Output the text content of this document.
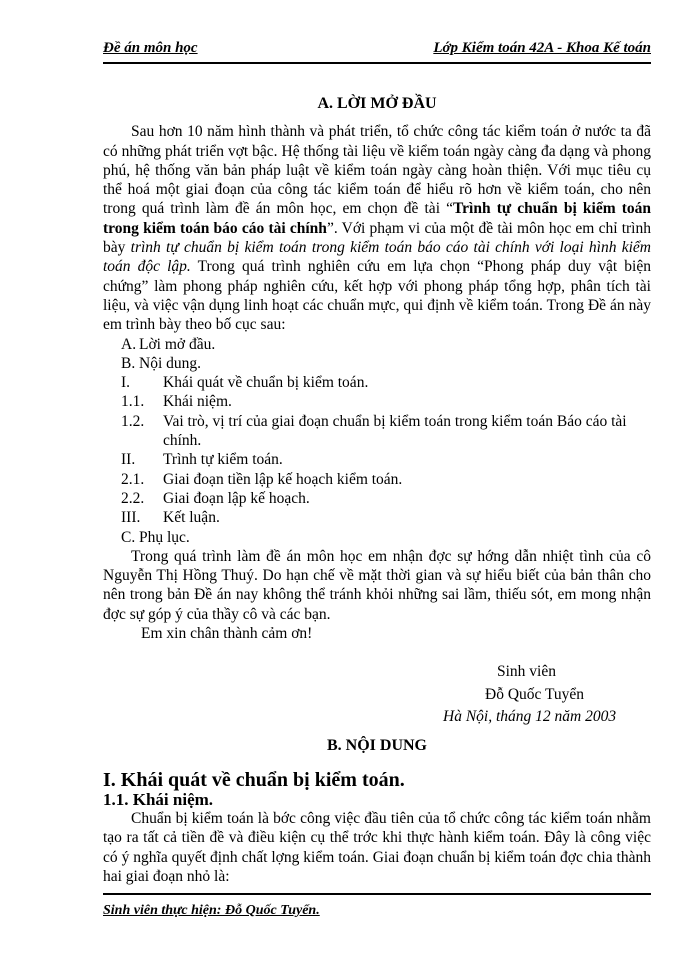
Đề án môn học	Lớp Kiểm toán 42A - Khoa Kế toán

A. LỜI MỞ ĐẦU

Sau hơn 10 năm hình thành và phát triển, tổ chức công tác kiểm toán ở nước ta đã có những phát triển vợt bậc. Hệ thống tài liệu về kiểm toán ngày càng đa dạng và phong phú, hệ thống văn bản pháp luật về kiểm toán ngày càng hoàn thiện. Với mục tiêu cụ thể hoá một giai đoạn của công tác kiểm toán để hiểu rõ hơn về kiểm toán, cho nên trong quá trình làm đề án môn học, em chọn đề tài “Trình tự chuẩn bị kiểm toán trong kiểm toán báo cáo tài chính”. Với phạm vi của một đề tài môn học em chỉ trình bày trình tự chuẩn bị kiểm toán trong kiểm toán báo cáo tài chính với loại hình kiểm toán độc lập. Trong quá trình nghiên cứu em lựa chọn “Phong pháp duy vật biện chứng” làm phong pháp nghiên cứu, kết hợp với phong pháp tổng hợp, phân tích tài liệu, và việc vận dụng linh hoạt các chuẩn mực, qui định về kiểm toán. Trong Đề án này em trình bày theo bố cục sau:

A. Lời mở đầu.
B. Nội dung.
I.	Khái quát về chuẩn bị kiểm toán.
1.1.	Khái niệm.
1.2.	Vai trò, vị trí của giai đoạn chuẩn bị kiểm toán trong kiểm toán Báo cáo tài chính.
II.	Trình tự kiểm toán.
2.1.	Giai đoạn tiền lập kế hoạch kiểm toán.
2.2.	Giai đoạn lập kế hoạch.
III.	Kết luận.
C. Phụ lục.

Trong quá trình làm đề án môn học em nhận đợc sự hớng dẫn nhiệt tình của cô Nguyễn Thị Hồng Thuý. Do hạn chế về mặt thời gian và sự hiểu biết của bản thân cho nên trong bản Đề án nay không thể tránh khỏi những sai lầm, thiếu sót, em mong nhận đợc sự góp ý của thầy cô và các bạn.

Em xin chân thành cảm ơn!

Sinh viên
Đỗ Quốc Tuyển
Hà Nội, tháng 12 năm 2003

B. NỘI DUNG

I. Khái quát về chuẩn bị kiểm toán.

1.1. Khái niệm.

Chuẩn bị kiểm toán là bớc công việc đầu tiên của tổ chức công tác kiểm toán nhằm tạo ra tất cả tiền đề và điều kiện cụ thể trớc khi thực hành kiểm toán. Đây là công việc có ý nghĩa quyết định chất lợng kiểm toán. Giai đoạn chuẩn bị kiểm toán đợc chia thành hai giai đoạn nhỏ là:

Sinh viên thực hiện: Đỗ Quốc Tuyển.
